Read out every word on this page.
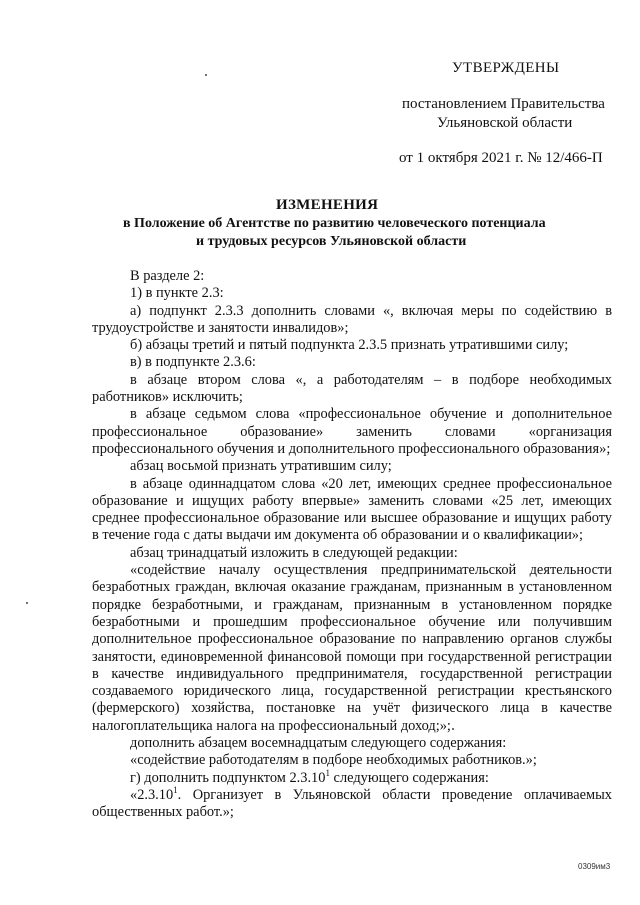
УТВЕРЖДЕНЫ
постановлением Правительства
Ульяновской области
от 1 октября 2021 г. № 12/466-П
ИЗМЕНЕНИЯ
в Положение об Агентстве по развитию человеческого потенциала
и трудовых ресурсов Ульяновской области

В разделе 2:

1) в пункте 2.3:

а) подпункт 2.3.3 дополнить словами «, включая меры по содействию в трудоустройстве и занятости инвалидов»;

б) абзацы третий и пятый подпункта 2.3.5 признать утратившими силу;

в) в подпункте 2.3.6:

в абзаце втором слова «, а работодателям – в подборе необходимых работников» исключить;

в абзаце седьмом слова «профессиональное обучение и дополнительное профессиональное образование» заменить словами «организация профессионального обучения и дополнительного профессионального образования»;

абзац восьмой признать утратившим силу;

в абзаце одиннадцатом слова «20 лет, имеющих среднее профессиональное образование и ищущих работу впервые» заменить словами «25 лет, имеющих среднее профессиональное образование или высшее образование и ищущих работу в течение года с даты выдачи им документа об образовании и о квалификации»;

абзац тринадцатый изложить в следующей редакции:

«содействие началу осуществления предпринимательской деятельности безработных граждан, включая оказание гражданам, признанным в установленном порядке безработными, и гражданам, признанным в установленном порядке безработными и прошедшим профессиональное обучение или получившим дополнительное профессиональное образование по направлению органов службы занятости, единовременной финансовой помощи при государственной регистрации в качестве индивидуального предпринимателя, государственной регистрации создаваемого юридического лица, государственной регистрации крестьянского (фермерского) хозяйства, постановке на учёт физического лица в качестве налогоплательщика налога на профессиональный доход;»;

дополнить абзацем восемнадцатым следующего содержания:

«содействие работодателям в подборе необходимых работников.»;

г) дополнить подпунктом 2.3.10$^1$ следующего содержания:

«2.3.10$^1$. Организует в Ульяновской области проведение оплачиваемых общественных работ.»;

0309им3
